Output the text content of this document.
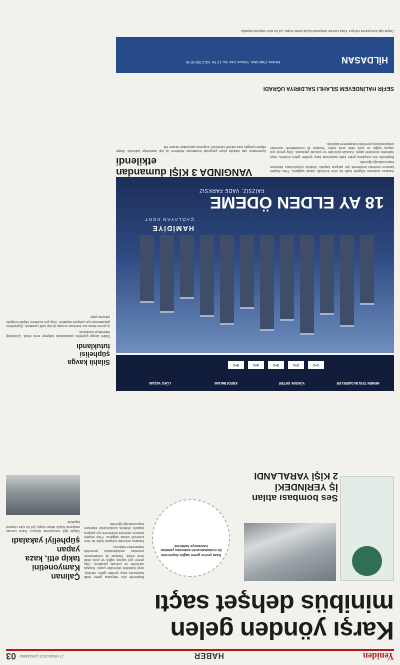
Yeniden
HABER
27 NİSAN 2022 ÇARŞAMBA
03
Karşı yönden gelen
minibüs dehşet saçtı
Ses bombası atılan
İŞ YERİNDEKİ
2 KİŞİ YARALANDI
Kaza yerine gelen sağlık ekiplerinin ilk müdahalesinin ardından yaralılar hastaneye kaldırıldı

Başkentte dün meydana gelen trafik kazasında karşı şeritten gelen minibüs, seyir halindeki otomobile çarptı. Kazada sürücüler ve yolcular yaralandı. Olay yerine çok sayıda sağlık ve polis ekibi sevk edildi. Yaralılar ilk müdahalenin ardından ambulanslarla çevredeki hastanelere kaldırıldı.

Kazanın ardından bölgede trafik bir süre kontrollü olarak sağlandı. Polis ekipleri kazanın nedenini belirlemek için çalışma başlattı. Minibüs sürücüsünün ifadesine başvurulacağı öğrenildi.

Çalınan Kamyonetini
takip etti, kaza yapan
şüpheliyi yakaladı

Olayla ilgili soruşturma sürüyor. Kaza sonrası araçlarda büyük hasar oluştu; yol bir süre ulaşıma kapatıldı.

HAMİDİYE
ÇAĞLAYAN KENT
18 AY ELDEN ÖDEME
FAİZSİZ, VADE FARKSIZ
HEMEN TESLİM DAİRELER
YÜKSEK GETİRİ
KREDİ İMKANI
LÜKS YAŞAM
1+1
2+1
3+1
4+1
5+1
Silahlı kavga
şüphelisi
tutuklandı

Silahlı kavga şüphelisi yakalanarak adliyeye sevk edildi. Çıkarıldığı hakimlikçe tutuklandı.

İş yerine atılan ses bombası sonrası iki kişi hafif yaralandı. Şüphelilerin yakalanması için çalışma başlatıldı. Olay yeri inceleme ekipleri bölgede çalışma yaptı.

Kazanın ardından bölgede trafik bir süre kontrollü olarak sağlandı. Polis ekipleri kazanın nedenini belirlemek için çalışma başlattı. Minibüs sürücüsünün ifadesine başvurulacağı öğrenildi.

Başkentte dün meydana gelen trafik kazasında karşı şeritten gelen minibüs, seyir halindeki otomobile çarptı. Kazada sürücüler ve yolcular yaralandı. Olay yerine çok sayıda sağlık ve polis ekibi sevk edildi. Yaralılar ilk müdahalenin ardından ambulanslarla çevredeki hastanelere kaldırıldı.

VANGINDA 3 KİŞİ dumandan etkilendi

Apartmanın çatı katında çıkan yangında dumandan etkilenen üç kişi hastaneye kaldırıldı. İtfaiye ekipleri yangını kısa sürede söndürdü; soğutma çalışmaları devam etti.

SEFİR HALİNDEVEM SİLAHLI SALDIRIYA UĞRADI
HİLDASAN
Merkez: Fatih Mah. Yıldırım Cad. No: 12 Tel: 0312 000 00 00

Olayla ilgili soruşturma sürüyor. Kaza sonrası araçlarda büyük hasar oluştu; yol bir süre ulaşıma kapatıldı.
